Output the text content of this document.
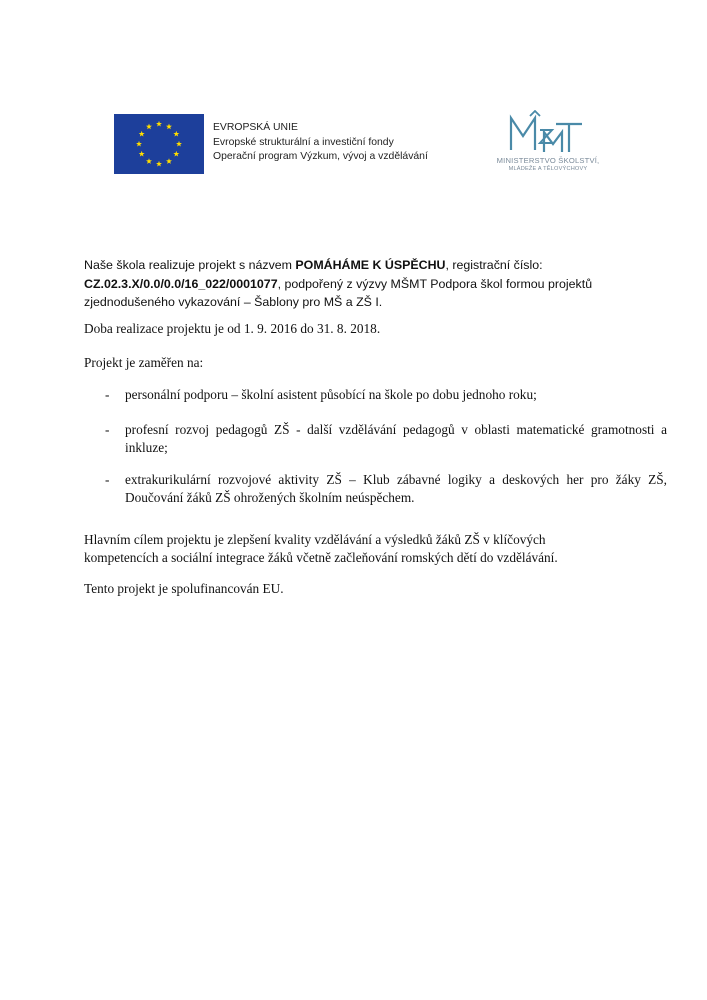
EVROPSKÁ UNIE
Evropské strukturální a investiční fondy
Operační program Výzkum, vývoj a vzdělávání	MINISTERSTVO ŠKOLSTVÍ,
MLÁDEŽE A TĚLOVÝCHOVY
Naše škola realizuje projekt s názvem POMÁHÁME K ÚSPĚCHU, registrační číslo: CZ.02.3.X/0.0/0.0/16_022/0001077, podpořený z výzvy MŠMT Podpora škol formou projektů zjednodušeného vykazování – Šablony pro MŠ a ZŠ I.
Doba realizace projektu je od 1. 9. 2016 do 31. 8. 2018.
Projekt je zaměřen na:
- personální podporu – školní asistent působící na škole po dobu jednoho roku;
- profesní rozvoj pedagogů ZŠ - další vzdělávání pedagogů v oblasti matematické gramotnosti a inkluze;
- extrakurikulární rozvojové aktivity ZŠ – Klub zábavné logiky a deskových her pro žáky ZŠ, Doučování žáků ZŠ ohrožených školním neúspěchem.
Hlavním cílem projektu je zlepšení kvality vzdělávání a výsledků žáků ZŠ v klíčových kompetencích a sociální integrace žáků včetně začleňování romských dětí do vzdělávání.
Tento projekt je spolufinancován EU.
